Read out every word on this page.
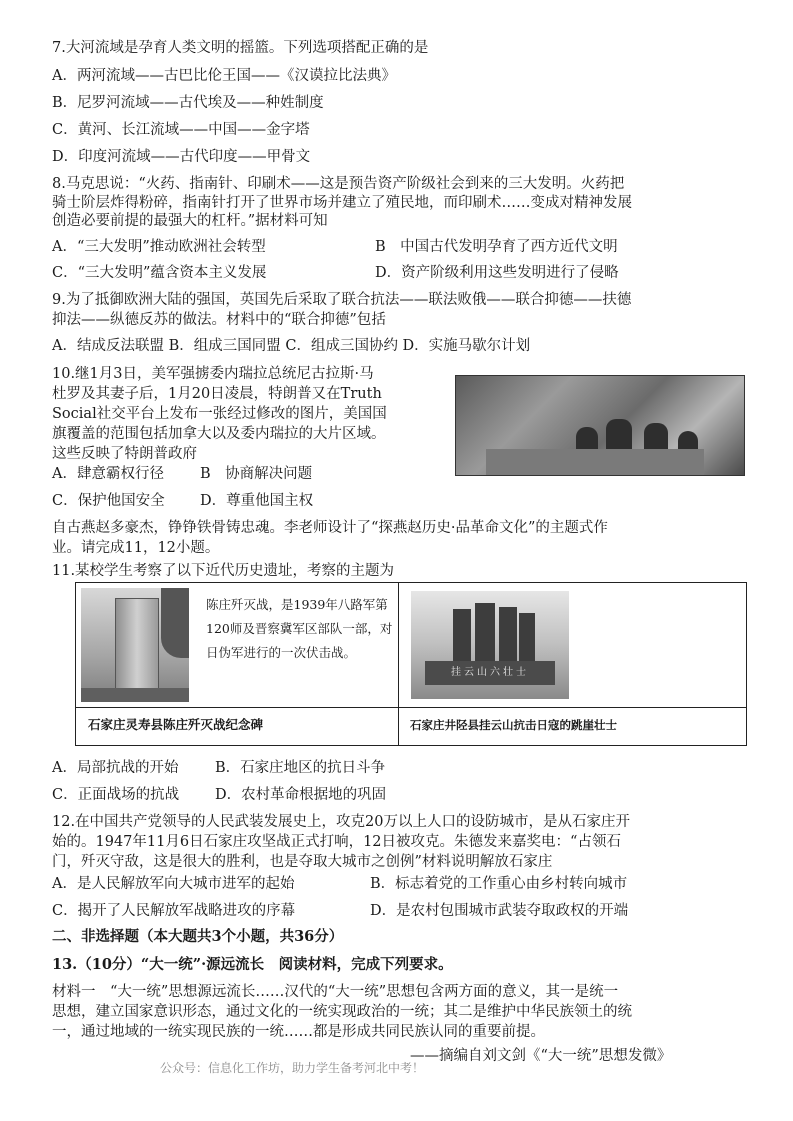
7.大河流域是孕育人类文明的摇篮。下列选项搭配正确的是
A．两河流域——古巴比伦王国——《汉谟拉比法典》
B．尼罗河流域——古代埃及——种姓制度
C．黄河、长江流域——中国——金字塔
D．印度河流域——古代印度——甲骨文
8.马克思说：“火药、指南针、印刷术——这是预告资产阶级社会到来的三大发明。火药把
骑士阶层炸得粉碎，指南针打开了世界市场并建立了殖民地，而印刷术……变成对精神发展
创造必要前提的最强大的杠杆。”据材料可知
A．“三大发明”推动欧洲社会转型	B　中国古代发明孕育了西方近代文明
C．“三大发明”蕴含资本主义发展	D．资产阶级利用这些发明进行了侵略
9.为了抵御欧洲大陆的强国，英国先后采取了联合抗法——联法败俄——联合抑德——扶德
抑法——纵德反苏的做法。材料中的“联合抑德”包括
A．结成反法联盟 B．组成三国同盟 C．组成三国协约 D．实施马歇尔计划
10.继1月3日，美军强掳委内瑞拉总统尼古拉斯·马
杜罗及其妻子后，1月20日凌晨，特朗普又在Truth
Social社交平台上发布一张经过修改的图片，美国国
旗覆盖的范围包括加拿大以及委内瑞拉的大片区域。
这些反映了特朗普政府
A．肆意霸权行径 B　协商解决问题
C．保护他国安全 D．尊重他国主权
自古燕赵多豪杰，铮铮铁骨铸忠魂。李老师设计了“探燕赵历史·品革命文化”的主题式作
业。请完成11，12小题。
11.某校学生考察了以下近代历史遗址，考察的主题为
陈庄歼灭战，是1939年八路军第120师及晋察冀军区部队一部，对日伪军进行的一次伏击战。
挂云山六壮士
石家庄灵寿县陈庄歼灭战纪念碑	石家庄井陉县挂云山抗击日寇的跳崖壮士
A．局部抗战的开始	B．石家庄地区的抗日斗争
C．正面战场的抗战 D．农村革命根据地的巩固
12.在中国共产党领导的人民武装发展史上，攻克20万以上人口的设防城市，是从石家庄开
始的。1947年11月6日石家庄攻坚战正式打响，12日被攻克。朱德发来嘉奖电：“占领石
门，歼灭守敌，这是很大的胜利，也是夺取大城市之创例”材料说明解放石家庄
A．是人民解放军向大城市进军的起始	B．标志着党的工作重心由乡村转向城市
C．揭开了人民解放军战略进攻的序幕	D．是农村包围城市武装夺取政权的开端
二、非选择题（本大题共3个小题，共36分）
13.（10分）“大一统”·源远流长　阅读材料，完成下列要求。
材料一　“大一统”思想源远流长……汉代的“大一统”思想包含两方面的意义，其一是统一
思想，建立国家意识形态，通过文化的一统实现政治的一统；其二是维护中华民族领土的统
一，通过地域的一统实现民族的一统……都是形成共同民族认同的重要前提。
——摘编自刘文剑《“大一统”思想发微》
公众号：信息化工作坊，助力学生备考河北中考！
